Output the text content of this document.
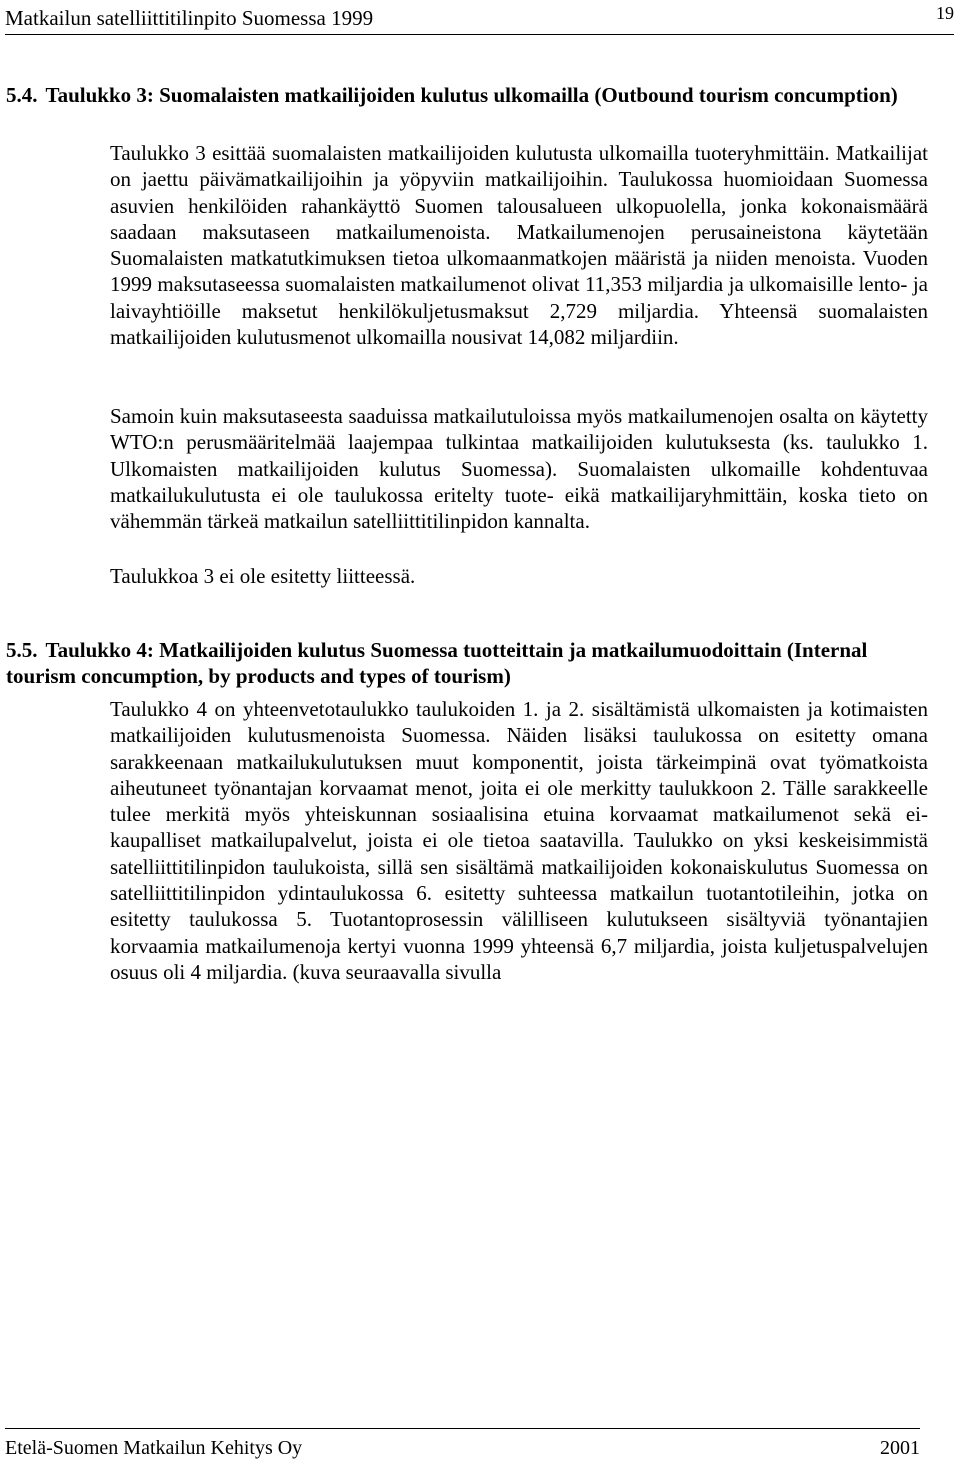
Matkailun satelliittitilinpito Suomessa 1999	19
5.4. Taulukko 3: Suomalaisten matkailijoiden kulutus ulkomailla (Outbound tourism concumption)

Taulukko 3 esittää suomalaisten matkailijoiden kulutusta ulkomailla tuoteryhmittäin. Matkailijat on jaettu päivämatkailijoihin ja yöpyviin matkailijoihin. Taulukossa huomioidaan Suomessa asuvien henkilöiden rahankäyttö Suomen talousalueen ulkopuolella, jonka kokonaismäärä saadaan maksutaseen matkailumenoista. Matkailumenojen perusaineistona käytetään Suomalaisten matkatutkimuksen tietoa ulkomaanmatkojen määristä ja niiden menoista. Vuoden 1999 maksutaseessa suomalaisten matkailumenot olivat 11,353 miljardia ja ulkomaisille lento- ja laivayhtiöille maksetut henkilökuljetusmaksut 2,729 miljardia. Yhteensä suomalaisten matkailijoiden kulutusmenot ulkomailla nousivat 14,082 miljardiin.

Samoin kuin maksutaseesta saaduissa matkailutuloissa myös matkailumenojen osalta on käytetty WTO:n perusmääritelmää laajempaa tulkintaa matkailijoiden kulutuksesta (ks. taulukko 1. Ulkomaisten matkailijoiden kulutus Suomessa). Suomalaisten ulkomaille kohdentuvaa matkailukulutusta ei ole taulukossa eritelty tuote- eikä matkailijaryhmittäin, koska tieto on vähemmän tärkeä matkailun satelliittitilinpidon kannalta.

Taulukkoa 3 ei ole esitetty liitteessä.

5.5. Taulukko 4: Matkailijoiden kulutus Suomessa tuotteittain ja matkailumuodoittain (Internal tourism concumption, by products and types of tourism)

Taulukko 4 on yhteenvetotaulukko taulukoiden 1. ja 2. sisältämistä ulkomaisten ja kotimaisten matkailijoiden kulutusmenoista Suomessa. Näiden lisäksi taulukossa on esitetty omana sarakkeenaan matkailukulutuksen muut komponentit, joista tärkeimpinä ovat työmatkoista aiheutuneet työnantajan korvaamat menot, joita ei ole merkitty taulukkoon 2. Tälle sarakkeelle tulee merkitä myös yhteiskunnan sosiaalisina etuina korvaamat matkailumenot sekä ei-kaupalliset matkailupalvelut, joista ei ole tietoa saatavilla. Taulukko on yksi keskeisimmistä satelliittitilinpidon taulukoista, sillä sen sisältämä matkailijoiden kokonaiskulutus Suomessa on satelliittitilinpidon ydintaulukossa 6. esitetty suhteessa matkailun tuotantotileihin, jotka on esitetty taulukossa 5. Tuotantoprosessin välilliseen kulutukseen sisältyviä työnantajien korvaamia matkailumenoja kertyi vuonna 1999 yhteensä 6,7 miljardia, joista kuljetuspalvelujen osuus oli 4 miljardia. (kuva seuraavalla sivulla

Etelä-Suomen Matkailun Kehitys Oy	2001
